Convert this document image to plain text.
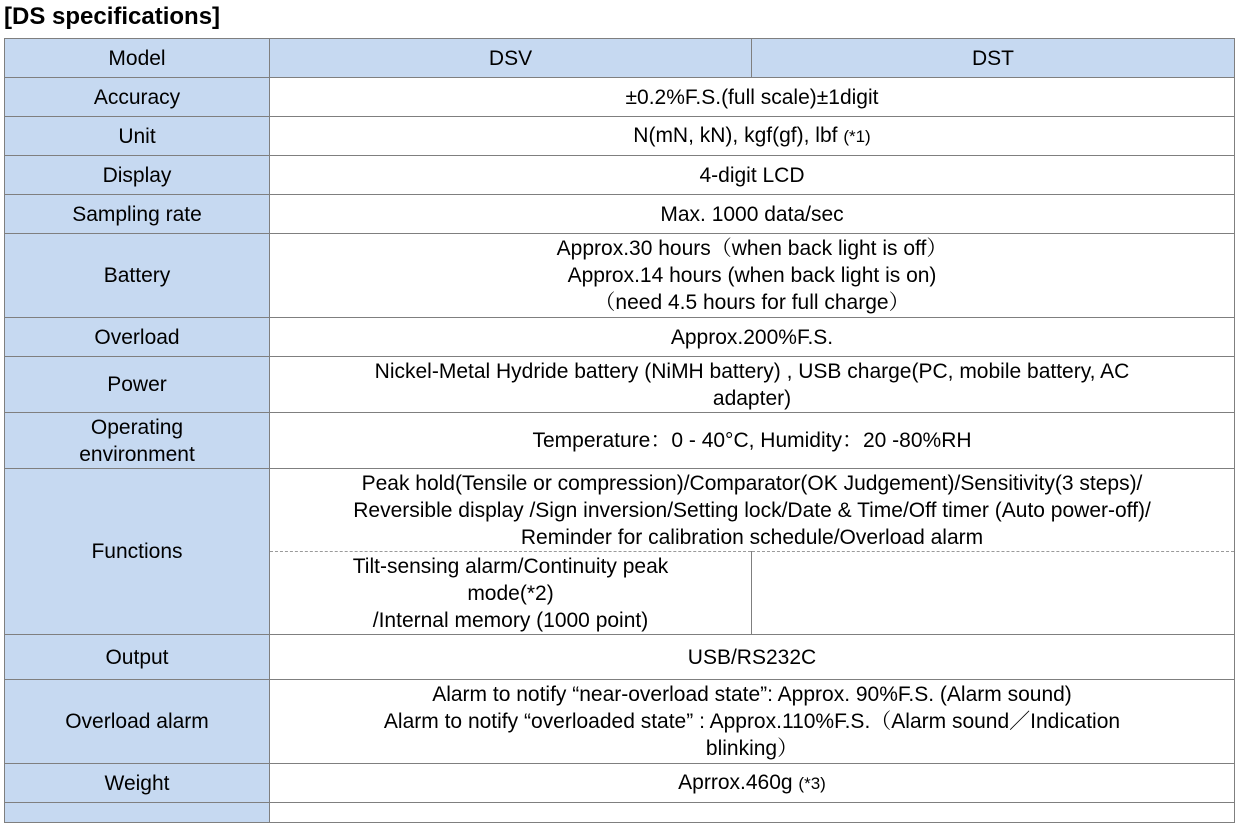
[DS specifications]
Model	DSV	DST
Accuracy	±0.2%F.S.(full scale)±1digit	
Unit	N(mN, kN), kgf(gf), lbf (*1)	
Display	4-digit LCD	
Sampling rate	Max. 1000 data/sec	
Battery	Approx.30 hours（when back light is off）
Approx.14 hours (when back light is on)
（need 4.5 hours for full charge）	

Overload	Approx.200%F.S.	
Power	Nickel-Metal Hydride battery (NiMH battery) , USB charge(PC, mobile battery, AC
adapter)	

Operating
environment	Temperature：0 - 40°C, Humidity：20 -80%RH	
Functions	Peak hold(Tensile or compression)/Comparator(OK Judgement)/Sensitivity(3 steps)/
Reversible display /Sign inversion/Setting lock/Date & Time/Off timer (Auto power-off)/
Reminder for calibration schedule/Overload alarm	

	Tilt-sensing alarm/Continuity peak
mode(*2)
/Internal memory (1000 point)	

Output	USB/RS232C	
Overload alarm	Alarm to notify “near-overload state”: Approx. 90%F.S. (Alarm sound)
Alarm to notify “overloaded state” : Approx.110%F.S.（Alarm sound／Indication
blinking）	

Weight	Aprrox.460g (*3)	
